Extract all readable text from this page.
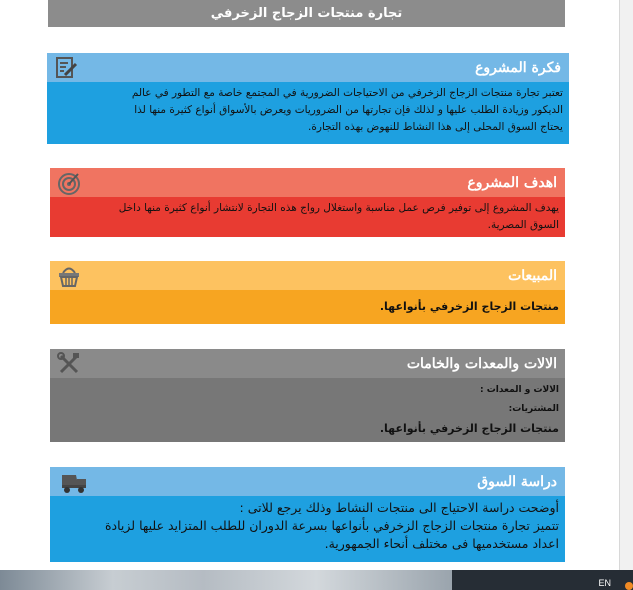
تجارة منتجات الزجاج الزخرفي
فكرة المشروع
تعتبر تجارة منتجات الزجاج الزخرفي من الاحتياجات الضرورية في المجتمع خاصة مع التطور في عالم
الديكور وزيادة الطلب عليها و لذلك فإن تجارتها من الضروريات ويعرض بالأسواق أنواع كثيرة منها لذا
يحتاج السوق المحلى إلى هذا النشاط للنهوض بهذه التجارة.
اهدف المشروع
يهدف المشروع إلى توفير فرص عمل مناسبة واستغلال رواج هذه التجارة لانتشار أنواع كثيرة منها داخل
السوق المصرية.
المبيعات
منتجات الزجاج الزخرفي بأنواعها.
الالات والمعدات والخامات
الالات و المعدات :
المشتريات:
منتجات الزجاج الزخرفي بأنواعها.
دراسة السوق
أوضحت دراسة الاحتياج الى منتجات النشاط وذلك يرجع للاتى :
تتميز تجارة منتجات الزجاج الزخرفي بأنواعها بسرعة الدوران للطلب المتزايد عليها لزيادة
اعداد مستخدميها فى مختلف أنحاء الجمهورية.
EN
